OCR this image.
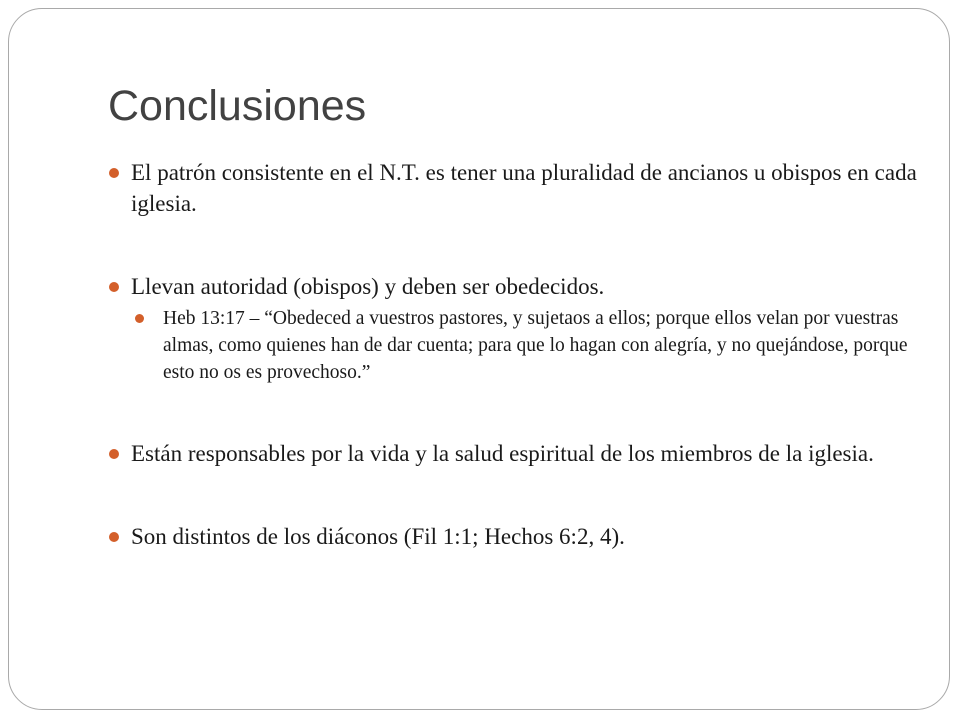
Conclusiones
El patrón consistente en el N.T. es tener una pluralidad de ancianos u obispos en cada iglesia.
Llevan autoridad (obispos) y deben ser obedecidos.
Heb 13:17 – “Obedeced a vuestros pastores, y sujetaos a ellos; porque ellos velan por vuestras almas, como quienes han de dar cuenta; para que lo hagan con alegría, y no quejándose, porque esto no os es provechoso.”
Están responsables por la vida y la salud espiritual de los miembros de la iglesia.
Son distintos de los diáconos (Fil 1:1; Hechos 6:2, 4).
